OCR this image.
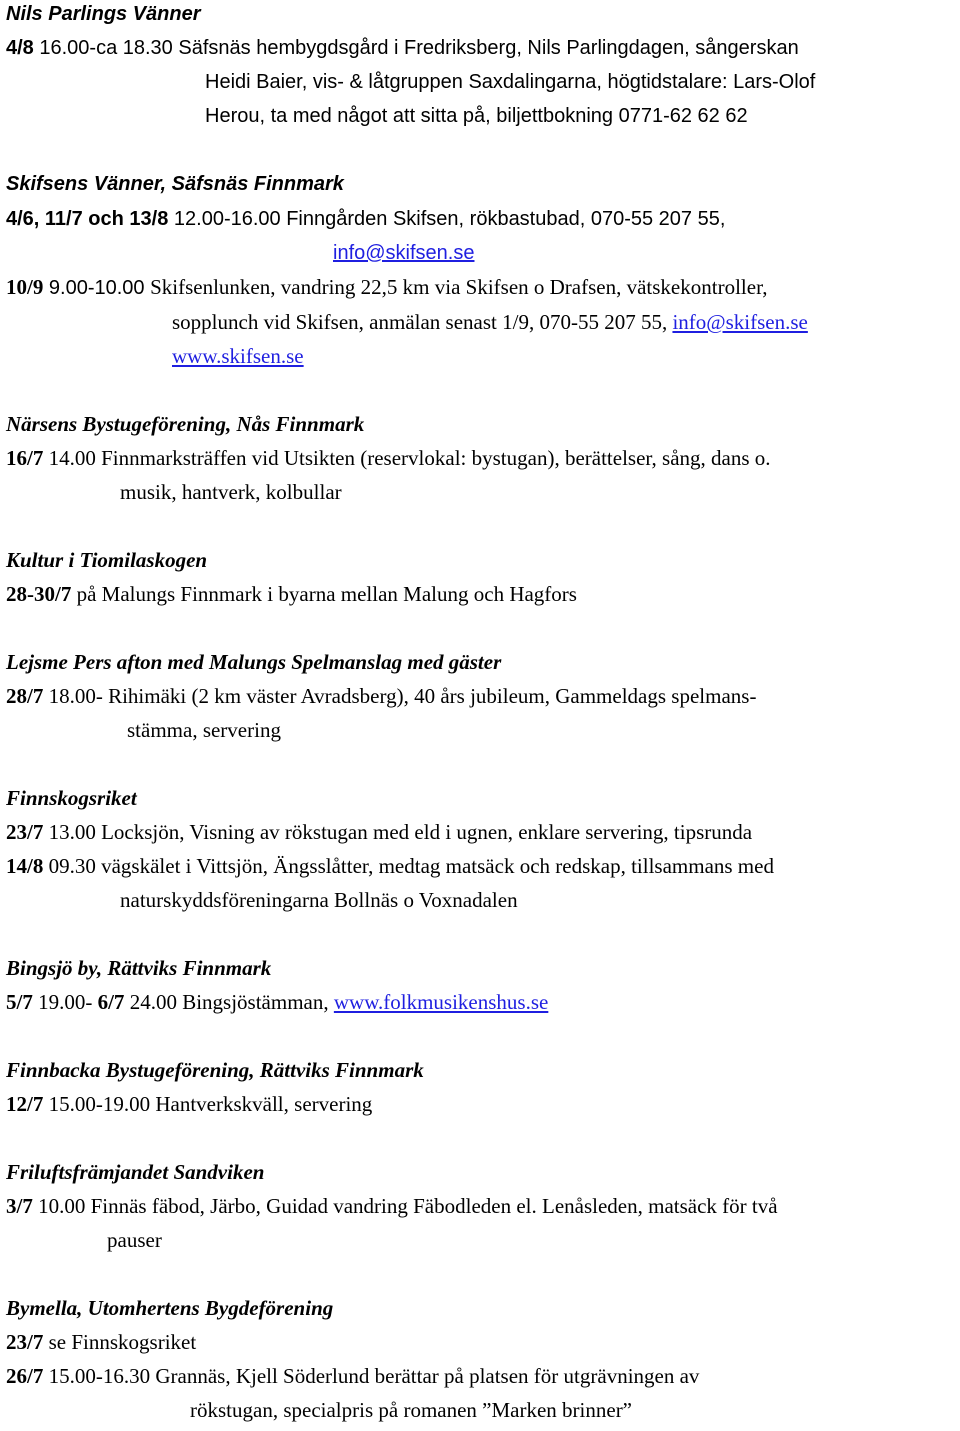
Nils Parlings Vänner
4/8 16.00-ca 18.30 Säfsnäs hembygdsgård i Fredriksberg, Nils Parlingdagen, sångerskan
Heidi Baier, vis- & låtgruppen Saxdalingarna, högtidstalare: Lars-Olof
Herou, ta med något att sitta på, biljettbokning 0771-62 62 62
Skifsens Vänner, Säfsnäs Finnmark
4/6, 11/7 och 13/8 12.00-16.00 Finngården Skifsen, rökbastubad, 070-55 207 55,
info@skifsen.se
10/9 9.00-10.00 Skifsenlunken, vandring 22,5 km via Skifsen o Drafsen, vätskekontroller,
sopplunch vid Skifsen, anmälan senast 1/9, 070-55 207 55, info@skifsen.se
www.skifsen.se
Närsens Bystugeförening, Nås Finnmark
16/7 14.00 Finnmarksträffen vid Utsikten (reservlokal: bystugan), berättelser, sång, dans o.
musik, hantverk, kolbullar
Kultur i Tiomilaskogen
28-30/7 på Malungs Finnmark i byarna mellan Malung och Hagfors
Lejsme Pers afton med Malungs Spelmanslag med gäster
28/7 18.00- Rihimäki (2 km väster Avradsberg), 40 års jubileum, Gammeldags spelmans-
stämma, servering
Finnskogsriket
23/7 13.00 Locksjön, Visning av rökstugan med eld i ugnen, enklare servering, tipsrunda
14/8 09.30 vägskälet i Vittsjön, Ängsslåtter, medtag matsäck och redskap, tillsammans med
naturskyddsföreningarna Bollnäs o Voxnadalen
Bingsjö by, Rättviks Finnmark
5/7 19.00- 6/7 24.00 Bingsjöstämman, www.folkmusikenshus.se
Finnbacka Bystugeförening, Rättviks Finnmark
12/7 15.00-19.00 Hantverkskväll, servering
Friluftsfrämjandet Sandviken
3/7 10.00 Finnäs fäbod, Järbo, Guidad vandring Fäbodleden el. Lenåsleden, matsäck för två
pauser
Bymella, Utomhertens Bygdeförening
23/7 se Finnskogsriket
26/7 15.00-16.30 Grannäs, Kjell Söderlund berättar på platsen för utgrävningen av
rökstugan, specialpris på romanen ”Marken brinner”
